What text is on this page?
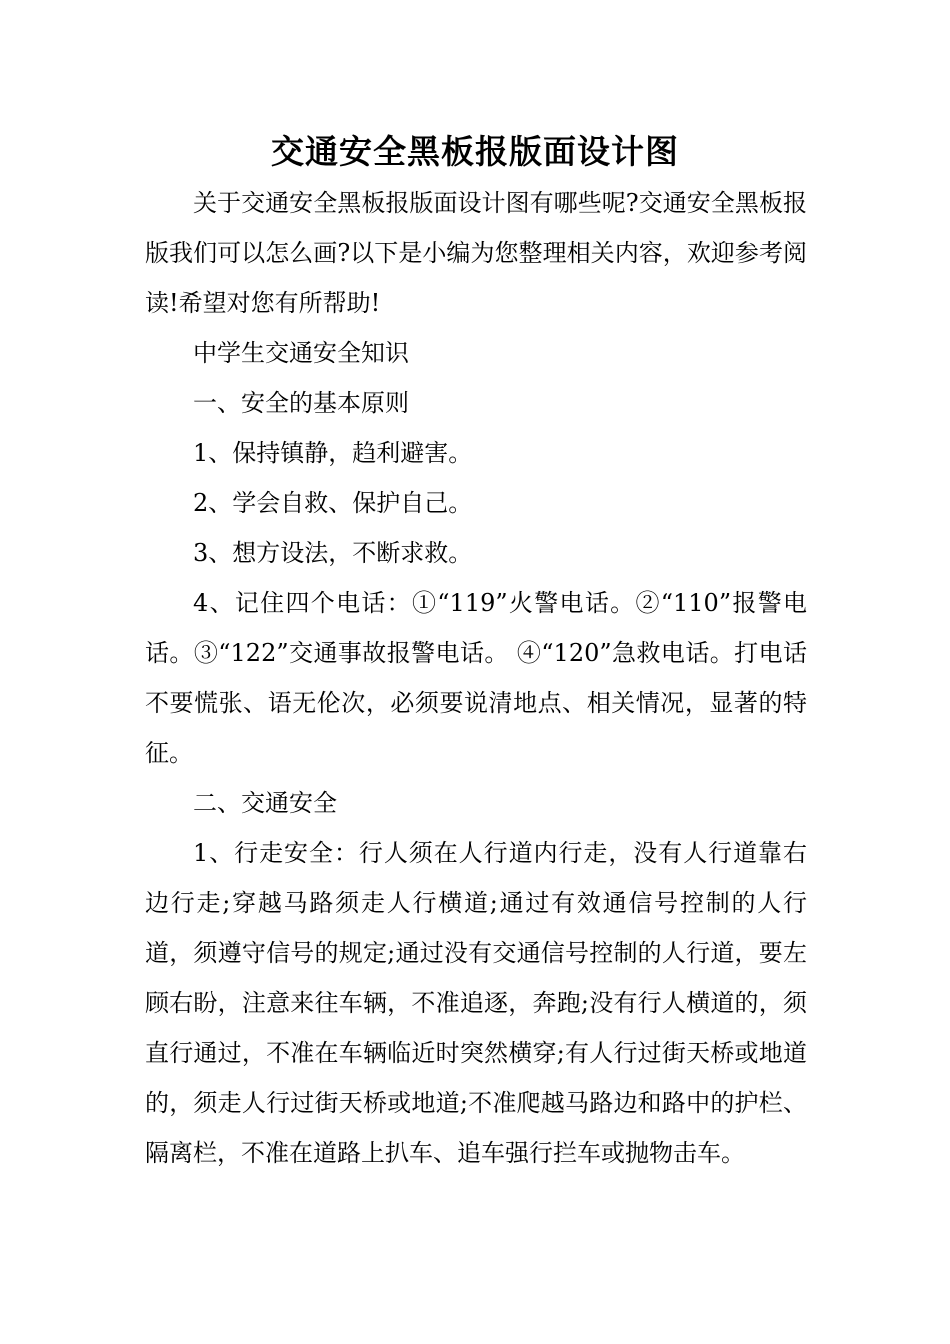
交通安全黑板报版面设计图

关于交通安全黑板报版面设计图有哪些呢?交通安全黑板报版我们可以怎么画?以下是小编为您整理相关内容，欢迎参考阅读!希望对您有所帮助!

中学生交通安全知识

一、安全的基本原则

1、保持镇静，趋利避害。

2、学会自救、保护自己。

3、想方设法，不断求救。

4、记住四个电话：①“119”火警电话。②“110”报警电话。③“122”交通事故报警电话。 ④“120”急救电话。打电话不要慌张、语无伦次，必须要说清地点、相关情况，显著的特征。

二、交通安全

1、行走安全：行人须在人行道内行走，没有人行道靠右边行走;穿越马路须走人行横道;通过有效通信号控制的人行道，须遵守信号的规定;通过没有交通信号控制的人行道，要左顾右盼，注意来往车辆，不准追逐，奔跑;没有行人横道的，须直行通过，不准在车辆临近时突然横穿;有人行过街天桥或地道的，须走人行过街天桥或地道;不准爬越马路边和路中的护栏、隔离栏，不准在道路上扒车、追车强行拦车或抛物击车。
